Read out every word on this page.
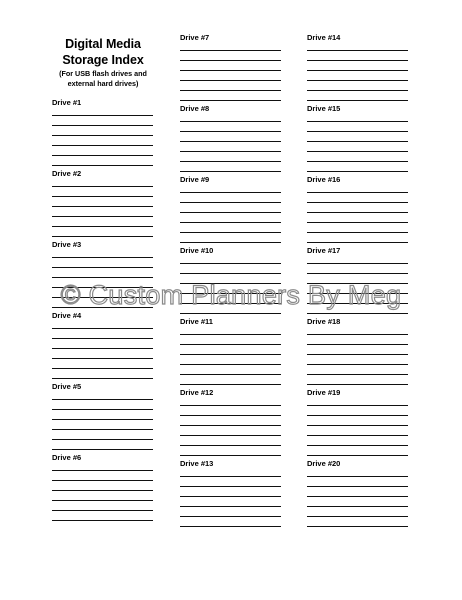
Digital Media
Storage Index
(For USB flash drives and
external hard drives)
Drive #1
Drive #2
Drive #3
Drive #4
Drive #5
Drive #6
Drive #7
Drive #8
Drive #9
Drive #10
Drive #11
Drive #12
Drive #13
Drive #14
Drive #15
Drive #16
Drive #17
Drive #18
Drive #19
Drive #20
© Custom Planners By Meg
